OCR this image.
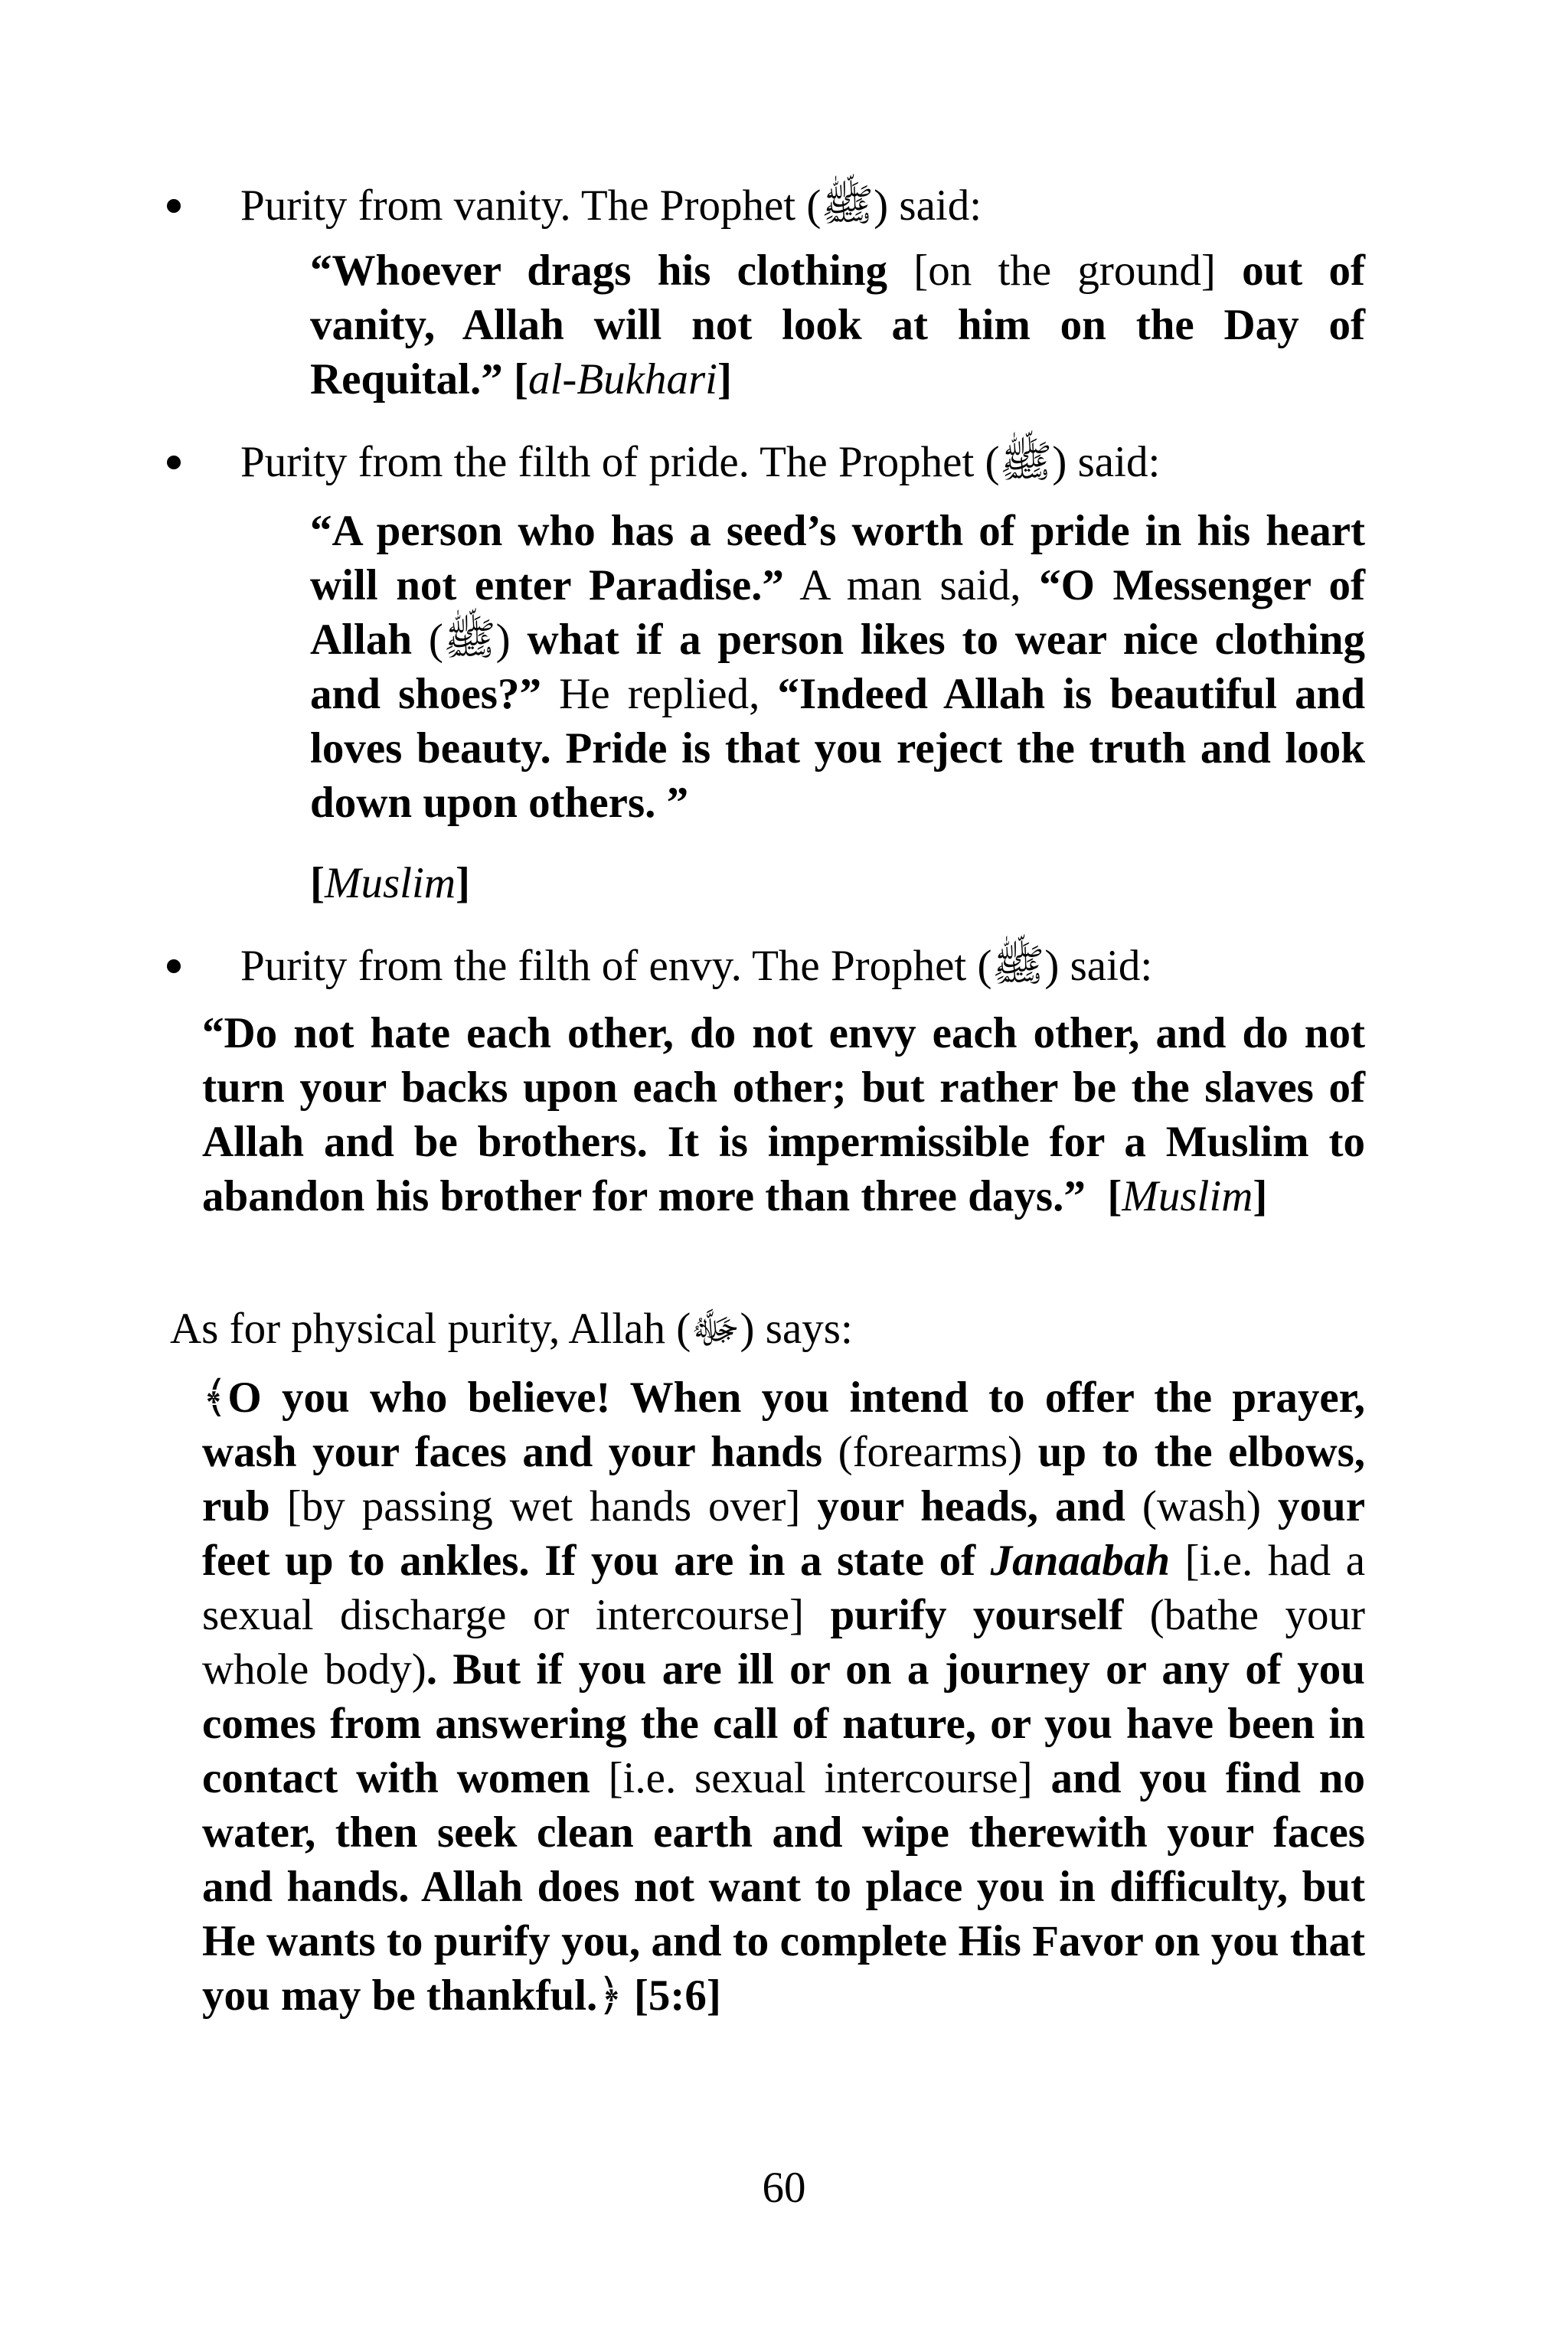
Purity from vanity. The Prophet (ﷺ) said:
“Whoever drags his clothing [on the ground] out of vanity, Allah will not look at him on the Day of Requital.” [al-Bukhari]
Purity from the filth of pride. The Prophet (ﷺ) said:
“A person who has a seed’s worth of pride in his heart will not enter Paradise.” A man said, “O Messenger of Allah (ﷺ) what if a person likes to wear nice clothing and shoes?” He replied, “Indeed Allah is beautiful and loves beauty. Pride is that you reject the truth and look down upon others. ”
[Muslim]
Purity from the filth of envy. The Prophet (ﷺ) said:
“Do not hate each other, do not envy each other, and do not turn your backs upon each other; but rather be the slaves of Allah and be brothers. It is impermissible for a Muslim to abandon his brother for more than three days.” [Muslim]
As for physical purity, Allah (ﷻ) says:
﴾O you who believe! When you intend to offer the prayer, wash your faces and your hands (forearms) up to the elbows, rub [by passing wet hands over] your heads, and (wash) your feet up to ankles. If you are in a state of Janaabah [i.e. had a sexual discharge or intercourse] purify yourself (bathe your whole body). But if you are ill or on a journey or any of you comes from answering the call of nature, or you have been in contact with women [i.e. sexual intercourse] and you find no water, then seek clean earth and wipe therewith your faces and hands. Allah does not want to place you in difficulty, but He wants to purify you, and to complete His Favor on you that you may be thankful.﴿ [5:6]
60
